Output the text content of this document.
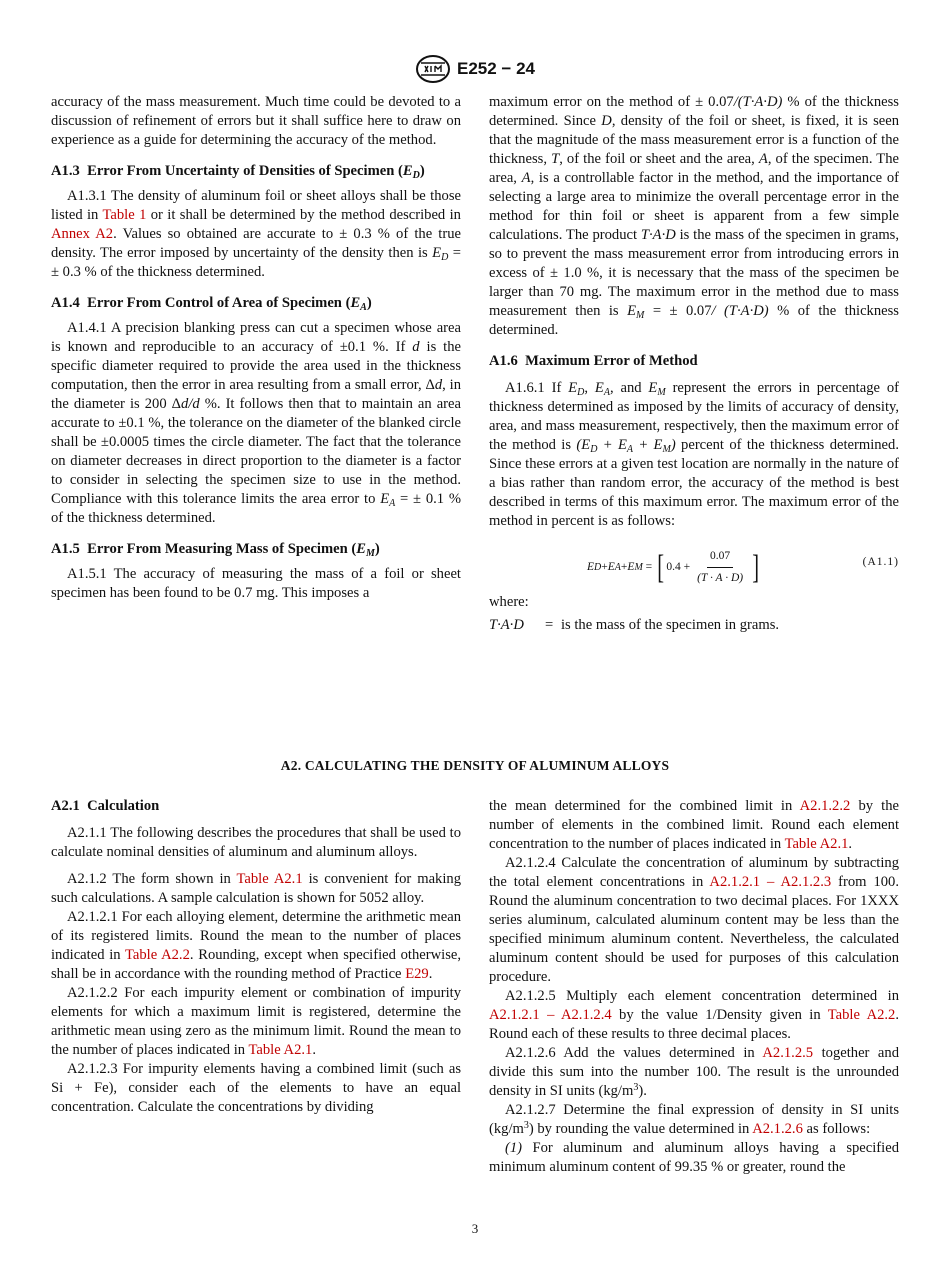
E252 − 24

accuracy of the mass measurement. Much time could be devoted to a discussion of refinement of errors but it shall suffice here to draw on experience as a guide for determining the accuracy of the method.

A1.3 Error From Uncertainty of Densities of Specimen $(E_D)$

A1.3.1 The density of aluminum foil or sheet alloys shall be those listed in Table 1 or it shall be determined by the method described in Annex A2. Values so obtained are accurate to ± 0.3 % of the true density. The error imposed by uncertainty of the density then is $E_D$ = ± 0.3 % of the thickness determined.

A1.4 Error From Control of Area of Specimen $(E_A)$

A1.4.1 A precision blanking press can cut a specimen whose area is known and reproducible to an accuracy of ±0.1 %. If d is the specific diameter required to provide the area used in the thickness computation, then the error in area resulting from a small error, Δd, in the diameter is 200 Δd/d %. It follows then that to maintain an area accurate to ±0.1 %, the tolerance on the diameter of the blanked circle shall be ±0.0005 times the circle diameter. The fact that the tolerance on diameter decreases in direct proportion to the diameter is a factor to consider in selecting the specimen size to use in the method. Compliance with this tolerance limits the area error to $E_A$ = ± 0.1 % of the thickness determined.

A1.5 Error From Measuring Mass of Specimen $(E_M)$

A1.5.1 The accuracy of measuring the mass of a foil or sheet specimen has been found to be 0.7 mg. This imposes a

maximum error on the method of ± 0.07/(T·A·D) % of the thickness determined. Since D, density of the foil or sheet, is fixed, it is seen that the magnitude of the mass measurement error is a function of the thickness, T, of the foil or sheet and the area, A, of the specimen. The area, A, is a controllable factor in the method, and the importance of selecting a large area to minimize the overall percentage error in the method for thin foil or sheet is apparent from a few simple calculations. The product T·A·D is the mass of the specimen in grams, so to prevent the mass measurement error from introducing errors in excess of ± 1.0 %, it is necessary that the mass of the specimen be larger than 70 mg. The maximum error in the method due to mass measurement then is $E_M$ = ± 0.07/ (T·A·D) % of the thickness determined.

A1.6 Maximum Error of Method

A1.6.1 If $E_D$, $E_A$, and $E_M$ represent the errors in percentage of thickness determined as imposed by the limits of accuracy of density, area, and mass measurement, respectively, then the maximum error of the method is $(E_D + E_A + E_M)$ percent of the thickness determined. Since these errors at a given test location are normally in the nature of a bias rather than random error, the accuracy of the method is best described in terms of this maximum error. The maximum error of the method in percent is as follows:

E D + E A + E M
=
[ $0.4 + \frac{0.07}{(T \cdot A \cdot D)}$ ]	(A1.1)

where:

T·A·D	= is the mass of the specimen in grams.
A2. CALCULATING THE DENSITY OF ALUMINUM ALLOYS

A2.1 Calculation

A2.1.1 The following describes the procedures that shall be used to calculate nominal densities of aluminum and aluminum alloys.

A2.1.2 The form shown in Table A2.1 is convenient for making such calculations. A sample calculation is shown for 5052 alloy.

A2.1.2.1 For each alloying element, determine the arithmetic mean of its registered limits. Round the mean to the number of places indicated in Table A2.2. Rounding, except when specified otherwise, shall be in accordance with the rounding method of Practice E29.

A2.1.2.2 For each impurity element or combination of impurity elements for which a maximum limit is registered, determine the arithmetic mean using zero as the minimum limit. Round the mean to the number of places indicated in Table A2.1.

A2.1.2.3 For impurity elements having a combined limit (such as Si + Fe), consider each of the elements to have an equal concentration. Calculate the concentrations by dividing

the mean determined for the combined limit in A2.1.2.2 by the number of elements in the combined limit. Round each element concentration to the number of places indicated in Table A2.1.

A2.1.2.4 Calculate the concentration of aluminum by subtracting the total element concentrations in A2.1.2.1 – A2.1.2.3 from 100. Round the aluminum concentration to two decimal places. For 1XXX series aluminum, calculated aluminum content may be less than the specified minimum aluminum content. Nevertheless, the calculated aluminum content should be used for purposes of this calculation procedure.

A2.1.2.5 Multiply each element concentration determined in A2.1.2.1 – A2.1.2.4 by the value 1/Density given in Table A2.2. Round each of these results to three decimal places.

A2.1.2.6 Add the values determined in A2.1.2.5 together and divide this sum into the number 100. The result is the unrounded density in SI units $(kg/m^3)$.

A2.1.2.7 Determine the final expression of density in SI units $(kg/m^3)$ by rounding the value determined in A2.1.2.6 as follows:

(1) For aluminum and aluminum alloys having a specified minimum aluminum content of 99.35 % or greater, round the

3
